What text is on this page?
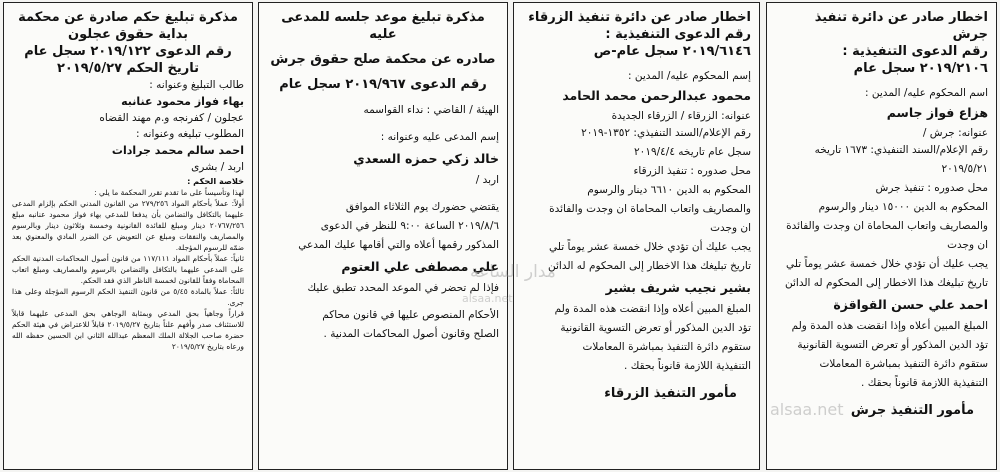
اخطار صادر عن دائرة تنفيذ جرش

رقم الدعوى التنفيذية :

٢٠١٩/٢١٠٦ سجل عام

اسم المحكوم عليه/ المدين :

هزاع فواز جاسم

عنوانه: جرش /

رقم الإعلام/السند التنفيذي: ١٦٧٣ تاريخه

٢٠١٩/٥/٢١

محل صدوره : تنفيذ جرش

المحكوم به الدين ١٥٠٠٠ دينار والرسوم

والمصاريف واتعاب المحاماة ان وجدت والفائدة

ان وجدت

يجب عليك أن تؤدي خلال خمسة عشر يوماً تلي

تاريخ تبليغك هذا الاخطار إلى المحكوم له الدائن

احمد علي حسن القواقزة

المبلغ المبين أعلاه وإذا انقضت هذه المدة ولم

تؤد الدين المذكور أو تعرض التسوية القانونية

ستقوم دائرة التنفيذ بمباشرة المعاملات

التنفيذية اللازمة قانوناً بحقك .

مأمور التنفيذ جرش

اخطار صادر عن دائرة تنفيذ الزرقاء

رقم الدعوى التنفيذية :

٢٠١٩/٦١٤٦ سجل عام-ص

إسم المحكوم عليه/ المدين :

محمود عبدالرحمن محمد الحامد

عنوانه: الزرقاء / الزرقاء الجديدة

رقم الإعلام/السند التنفيذي: ١٣٥٢-٢٠١٩

سجل عام تاريخه ٢٠١٩/٤/٤

محل صدوره : تنفيذ الزرقاء

المحكوم به الدين ٦٦١٠ دينار والرسوم

والمصاريف واتعاب المحاماة ان وجدت والفائدة

ان وجدت

يجب عليك أن تؤدي خلال خمسة عشر يوماً تلي

تاريخ تبليغك هذا الاخطار إلى المحكوم له الدائن

بشير نجيب شريف بشير

المبلغ المبين أعلاه وإذا انقضت هذه المدة ولم

تؤد الدين المذكور أو تعرض التسوية القانونية

ستقوم دائرة التنفيذ بمباشرة المعاملات

التنفيذية اللازمة قانوناً بحقك .

مأمور التنفيذ الزرقاء

مذكرة تبليغ موعد جلسه للمدعى عليه

صادره عن محكمة صلح حقوق جرش

رقم الدعوى ٢٠١٩/٩٦٧ سجل عام

الهيئة / القاضي : نداء القواسمه

إسم المدعى عليه وعنوانه :

خالد زكي حمزه السعدي

اربد /

يقتضي حضورك يوم الثلاثاء الموافق

٢٠١٩/٨/٦ الساعة ٩:٠٠ للنظر في الدعوى

المذكور رقمها أعلاه والتي أقامها عليك المدعي

علي مصطفى علي العتوم

فإذا لم تحضر في الموعد المحدد تطبق عليك

الأحكام المنصوص عليها في قانون محاكم

الصلح وقانون أصول المحاكمات المدنية .

مذكرة تبليغ حكم صادرة عن محكمة

بداية حقوق عجلون

رقم الدعوى ٢٠١٩/١٢٢ سجل عام

تاريخ الحكم ٢٠١٩/٥/٢٧

طالب التبليغ وعنوانه :

بهاء فواز محمود عنانبه

عجلون / كفرنجه و.م مهند القضاه

المطلوب تبليغه وعنوانه :

احمد سالم محمد جرادات

اربد / بشرى

خلاصة الحكم :

لهذا وتأسيساً على ما تقدم تقرر المحكمة ما يلي :

أولاً: عملاً بأحكام المواد ٢٧٩/٢٥٦ من القانون المدني الحكم بإلزام المدعى عليهما بالتكافل والتضامن بأن يدفعا للمدعي بهاء فواز محمود عنانبه مبلغ ٢٠٧٦٧/٢٥٦ دينار ومبلغ للفائدة القانونية وخمسة وثلاثون دينار وبالرسوم والمصاريف والنفقات ومبلغ عن التعويض عن الضرر المادي والمعنوي بعد ضمّه للرسوم المؤجلة.

ثانياً: عملاً بأحكام المواد ١١٧/١١١ من قانون أصول المحاكمات المدنية الحكم على المدعى عليهما بالتكافل والتضامن بالرسوم والمصاريف ومبلغ اتعاب المحاماة وفقاً للقانون لخمسة الناظر الذي فقد الحكم.

ثالثاً: عملاً بالمادة ٥/٤٥ من قانون التنفيذ الحكم الرسوم المؤجلة وعلى هذا جرى.

قراراً وجاهياً بحق المدعي وبمثابة الوجاهي بحق المدعى عليهما قابلاً للاستئناف صدر وأفهم علناً بتاريخ ٢٠١٩/٥/٢٧ قابلاً للاعتراض في هيئة الحكم حضرة صاحب الجلالة الملك المعظم عبدالله الثاني ابن الحسين حفظه الله ورعاه بتاريخ ٢٠١٩/٥/٢٧

مدار الساعة
alsaa.net
alsaa.net
